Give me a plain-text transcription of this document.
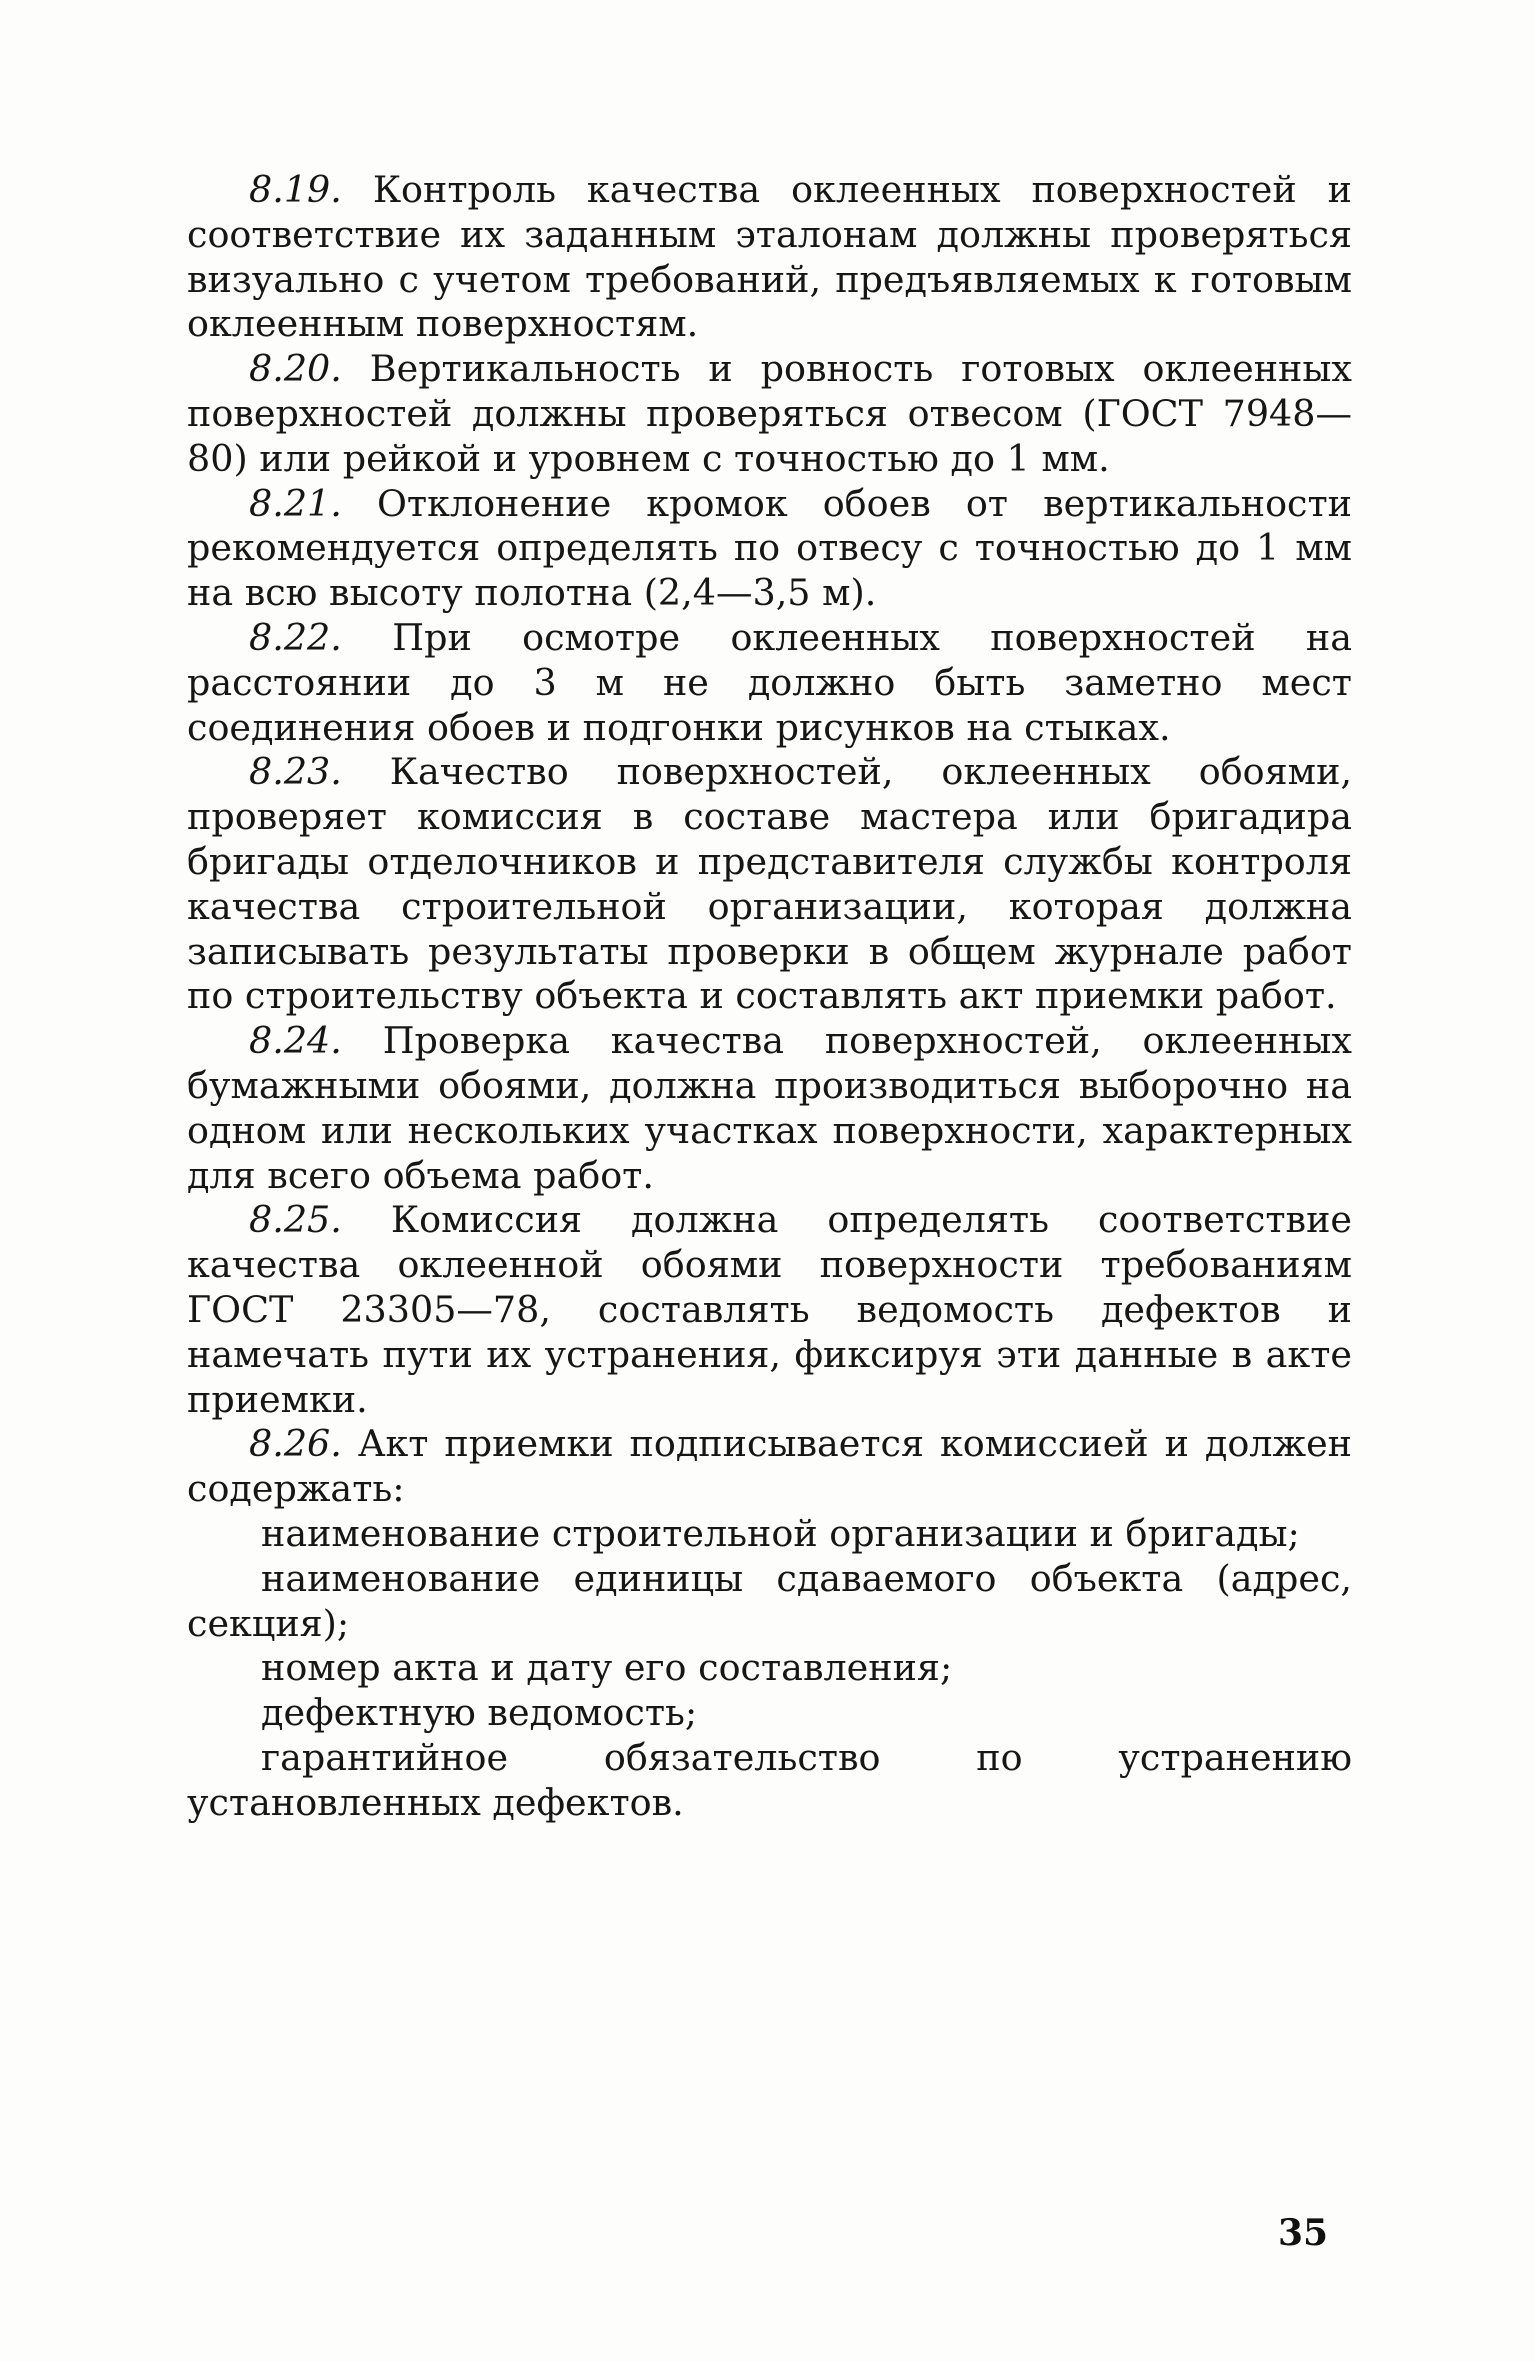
8.19. Контроль качества оклеенных поверхностей и соответствие их заданным эталонам должны проверяться визуально с учетом требований, предъявляемых к готовым оклеенным поверхностям.

8.20. Вертикальность и ровность готовых оклеенных поверхностей должны проверяться отвесом (ГОСТ 7948—80) или рейкой и уровнем с точностью до 1 мм.

8.21. Отклонение кромок обоев от вертикальности рекомендуется определять по отвесу с точностью до 1 мм на всю высоту полотна (2,4—3,5 м).

8.22. При осмотре оклеенных поверхностей на расстоянии до 3 м не должно быть заметно мест соединения обоев и подгонки рисунков на стыках.

8.23. Качество поверхностей, оклеенных обоями, проверяет комиссия в составе мастера или бригадира бригады отделочников и представителя службы контроля качества строительной организации, которая должна записывать результаты проверки в общем журнале работ по строительству объекта и составлять акт приемки работ.

8.24. Проверка качества поверхностей, оклеенных бумажными обоями, должна производиться выборочно на одном или нескольких участках поверхности, характерных для всего объема работ.

8.25. Комиссия должна определять соответствие качества оклеенной обоями поверхности требованиям ГОСТ 23305—78, составлять ведомость дефектов и намечать пути их устранения, фиксируя эти данные в акте приемки.

8.26. Акт приемки подписывается комиссией и должен содержать:

наименование строительной организации и бригады;

наименование единицы сдаваемого объекта (адрес, секция);

номер акта и дату его составления;

дефектную ведомость;

гарантийное обязательство по устранению установленных дефектов.

35
